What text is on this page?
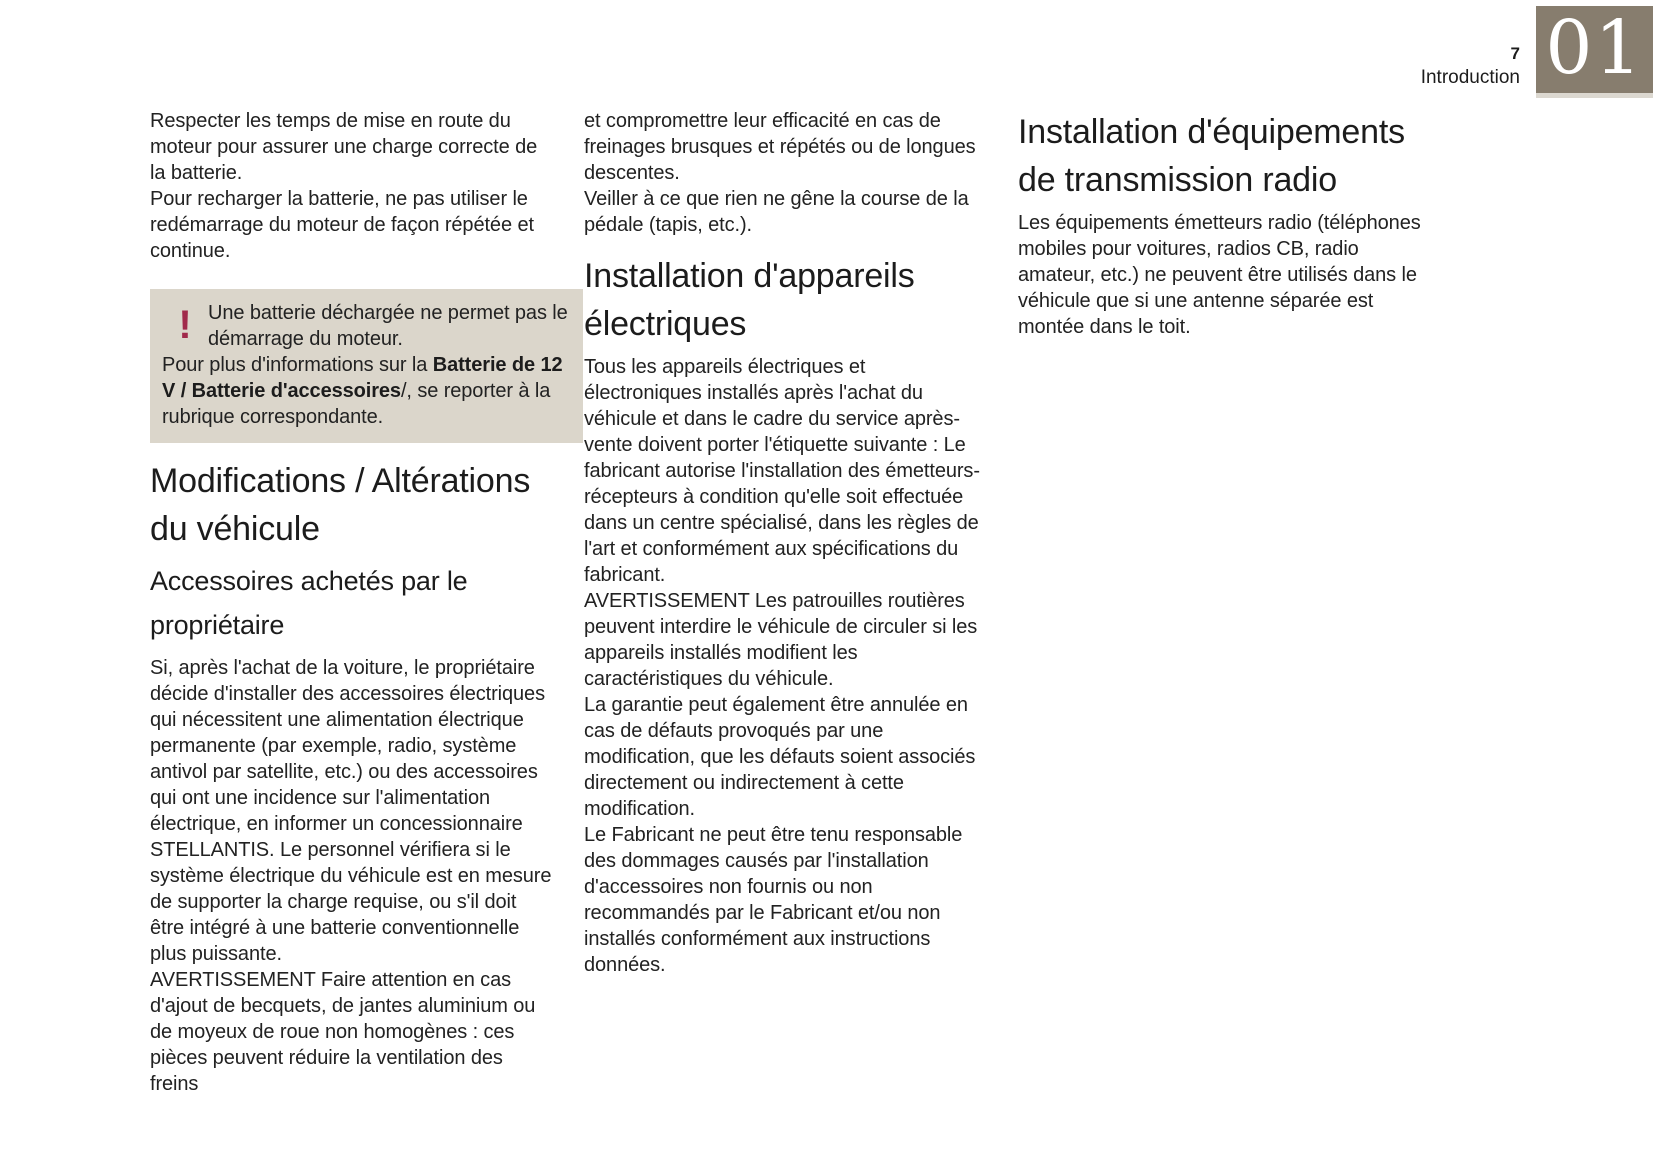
01
7
Introduction

Respecter les temps de mise en route du moteur pour assurer une charge correcte de la batterie.

Pour recharger la batterie, ne pas utiliser le redémarrage du moteur de façon répétée et continue.

! Une batterie déchargée ne permet pas le démarrage du moteur.

Pour plus d'informations sur la Batterie de 12 V / Batterie d'accessoires/, se reporter à la rubrique correspondante.

Modifications / Altérations du véhicule
Accessoires achetés par le propriétaire

Si, après l'achat de la voiture, le propriétaire décide d'installer des accessoires électriques qui nécessitent une alimentation électrique permanente (par exemple, radio, système antivol par satellite, etc.) ou des accessoires qui ont une incidence sur l'alimentation électrique, en informer un concessionnaire STELLANTIS. Le personnel vérifiera si le système électrique du véhicule est en mesure de supporter la charge requise, ou s'il doit être intégré à une batterie conventionnelle plus puissante.

AVERTISSEMENT Faire attention en cas d'ajout de becquets, de jantes aluminium ou de moyeux de roue non homogènes : ces pièces peuvent réduire la ventilation des freins

et compromettre leur efficacité en cas de freinages brusques et répétés ou de longues descentes.

Veiller à ce que rien ne gêne la course de la pédale (tapis, etc.).

Installation d'appareils électriques

Tous les appareils électriques et électroniques installés après l'achat du véhicule et dans le cadre du service après-vente doivent porter l'étiquette suivante : Le fabricant autorise l'installation des émetteurs-récepteurs à condition qu'elle soit effectuée dans un centre spécialisé, dans les règles de l'art et conformément aux spécifications du fabricant.

AVERTISSEMENT Les patrouilles routières peuvent interdire le véhicule de circuler si les appareils installés modifient les caractéristiques du véhicule.

La garantie peut également être annulée en cas de défauts provoqués par une modification, que les défauts soient associés directement ou indirectement à cette modification.

Le Fabricant ne peut être tenu responsable des dommages causés par l'installation d'accessoires non fournis ou non recommandés par le Fabricant et/ou non installés conformément aux instructions données.

Installation d'équipements de transmission radio

Les équipements émetteurs radio (téléphones mobiles pour voitures, radios CB, radio amateur, etc.) ne peuvent être utilisés dans le véhicule que si une antenne séparée est montée dans le toit.
